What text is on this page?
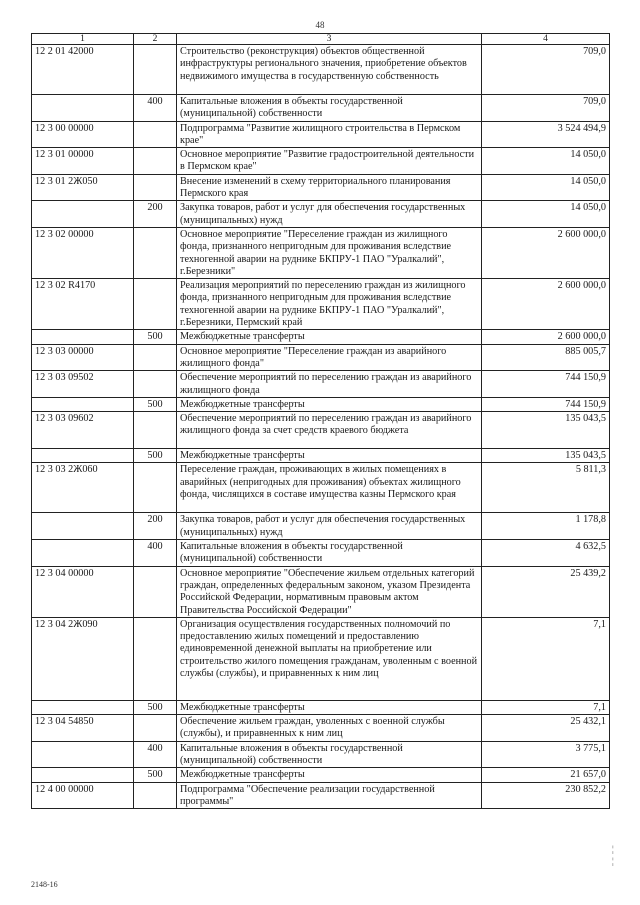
48
1	2	3	4
12 2 01 42000		Строительство (реконструкция) объектов общественной инфраструктуры регионального значения, приобретение объектов недвижимого имущества в государственную собственность	709,0
	400	Капитальные вложения в объекты государственной (муниципальной) собственности	709,0
12 3 00 00000		Подпрограмма "Развитие жилищного строительства в Пермском крае"	3 524 494,9
12 3 01 00000		Основное мероприятие "Развитие градостроительной деятельности в Пермском крае"	14 050,0
12 3 01 2Ж050		Внесение изменений в схему территориального планирования Пермского края	14 050,0
	200	Закупка товаров, работ и услуг для обеспечения государственных (муниципальных) нужд	14 050,0
12 3 02 00000		Основное мероприятие "Переселение граждан из жилищного фонда, признанного непригодным для проживания вследствие техногенной аварии на руднике БКПРУ-1 ПАО "Уралкалий", г.Березники"	2 600 000,0
12 3 02 R4170		Реализация мероприятий по переселению граждан из жилищного фонда, признанного непригодным для проживания вследствие техногенной аварии на руднике БКПРУ-1 ПАО "Уралкалий", г.Березники, Пермский край	2 600 000,0
	500	Межбюджетные трансферты	2 600 000,0
12 3 03 00000		Основное мероприятие "Переселение граждан из аварийного жилищного фонда"	885 005,7
12 3 03 09502		Обеспечение мероприятий по переселению граждан из аварийного жилищного фонда	744 150,9
	500	Межбюджетные трансферты	744 150,9
12 3 03 09602		Обеспечение мероприятий по переселению граждан из аварийного жилищного фонда за счет средств краевого бюджета	135 043,5
	500	Межбюджетные трансферты	135 043,5
12 3 03 2Ж060		Переселение граждан, проживающих в жилых помещениях в аварийных (непригодных для проживания) объектах жилищного фонда, числящихся в составе имущества казны Пермского края	5 811,3
	200	Закупка товаров, работ и услуг для обеспечения государственных (муниципальных) нужд	1 178,8
	400	Капитальные вложения в объекты государственной (муниципальной) собственности	4 632,5
12 3 04 00000		Основное мероприятие "Обеспечение жильем отдельных категорий граждан, определенных федеральным законом, указом Президента Российской Федерации, нормативным правовым актом Правительства Российской Федерации"	25 439,2
12 3 04 2Ж090		Организация осуществления государственных полномочий по предоставлению жилых помещений и предоставлению единовременной денежной выплаты на приобретение или строительство жилого помещения гражданам, уволенным с военной службы (службы), и приравненных к ним лиц	7,1
	500	Межбюджетные трансферты	7,1
12 3 04 54850		Обеспечение жильем граждан, уволенных с военной службы (службы), и приравненных к ним лиц	25 432,1
	400	Капитальные вложения в объекты государственной (муниципальной) собственности	3 775,1
	500	Межбюджетные трансферты	21 657,0
12 4 00 00000		Подпрограмма "Обеспечение реализации государственной программы"	230 852,2
2148-16
¦
¦
